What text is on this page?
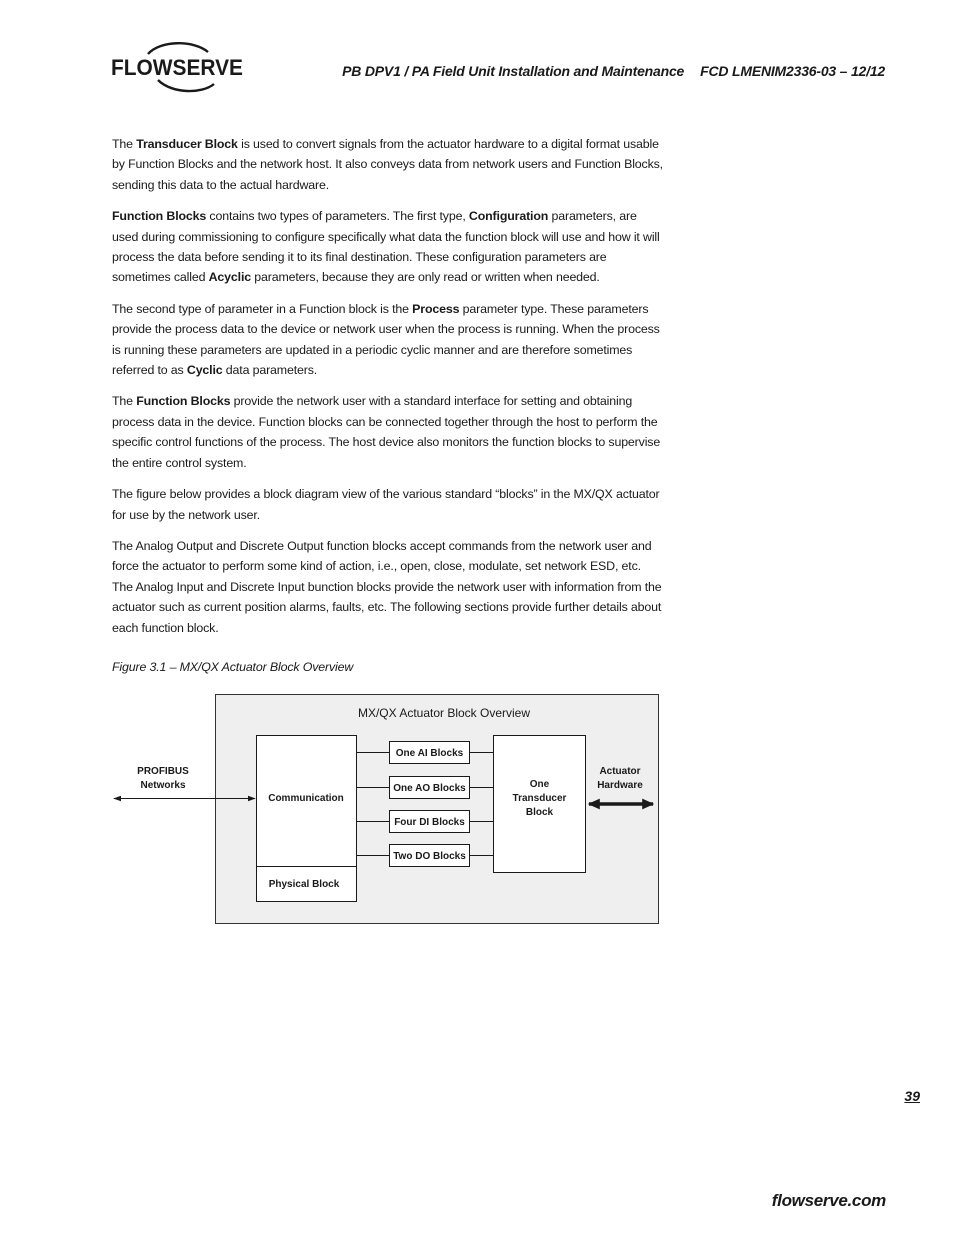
FLOWSERVE	PB DPV1 / PA Field Unit Installation and Maintenance FCD LMENIM2336-03 – 12/12

The Transducer Block is used to convert signals from the actuator hardware to a digital format usable by Function Blocks and the network host. It also conveys data from network users and Function Blocks, sending this data to the actual hardware.

Function Blocks contains two types of parameters. The first type, Configuration parameters, are used during commissioning to configure specifically what data the function block will use and how it will process the data before sending it to its final destination. These configuration parameters are sometimes called Acyclic parameters, because they are only read or written when needed.

The second type of parameter in a Function block is the Process parameter type. These parameters provide the process data to the device or network user when the process is running. When the process is running these parameters are updated in a periodic cyclic manner and are therefore sometimes referred to as Cyclic data parameters.

The Function Blocks provide the network user with a standard interface for setting and obtaining process data in the device. Function blocks can be connected together through the host to perform the specific control functions of the process. The host device also monitors the function blocks to supervise the entire control system.

The figure below provides a block diagram view of the various standard “blocks” in the MX/QX actuator for use by the network user.

The Analog Output and Discrete Output function blocks accept commands from the network user and force the actuator to perform some kind of action, i.e., open, close, modulate, set network ESD, etc. The Analog Input and Discrete Input bunction blocks provide the network user with information from the actuator such as current position alarms, faults, etc. The following sections provide further details about each function block.

Figure 3.1 – MX/QX Actuator Block Overview
MX/QX Actuator Block Overview
Communication
Physical Block
One AI Blocks
One AO Blocks
Four DI Blocks
Two DO Blocks
One
Transducer
Block
PROFIBUS
Networks
Actuator
Hardware
39
flowserve.com
